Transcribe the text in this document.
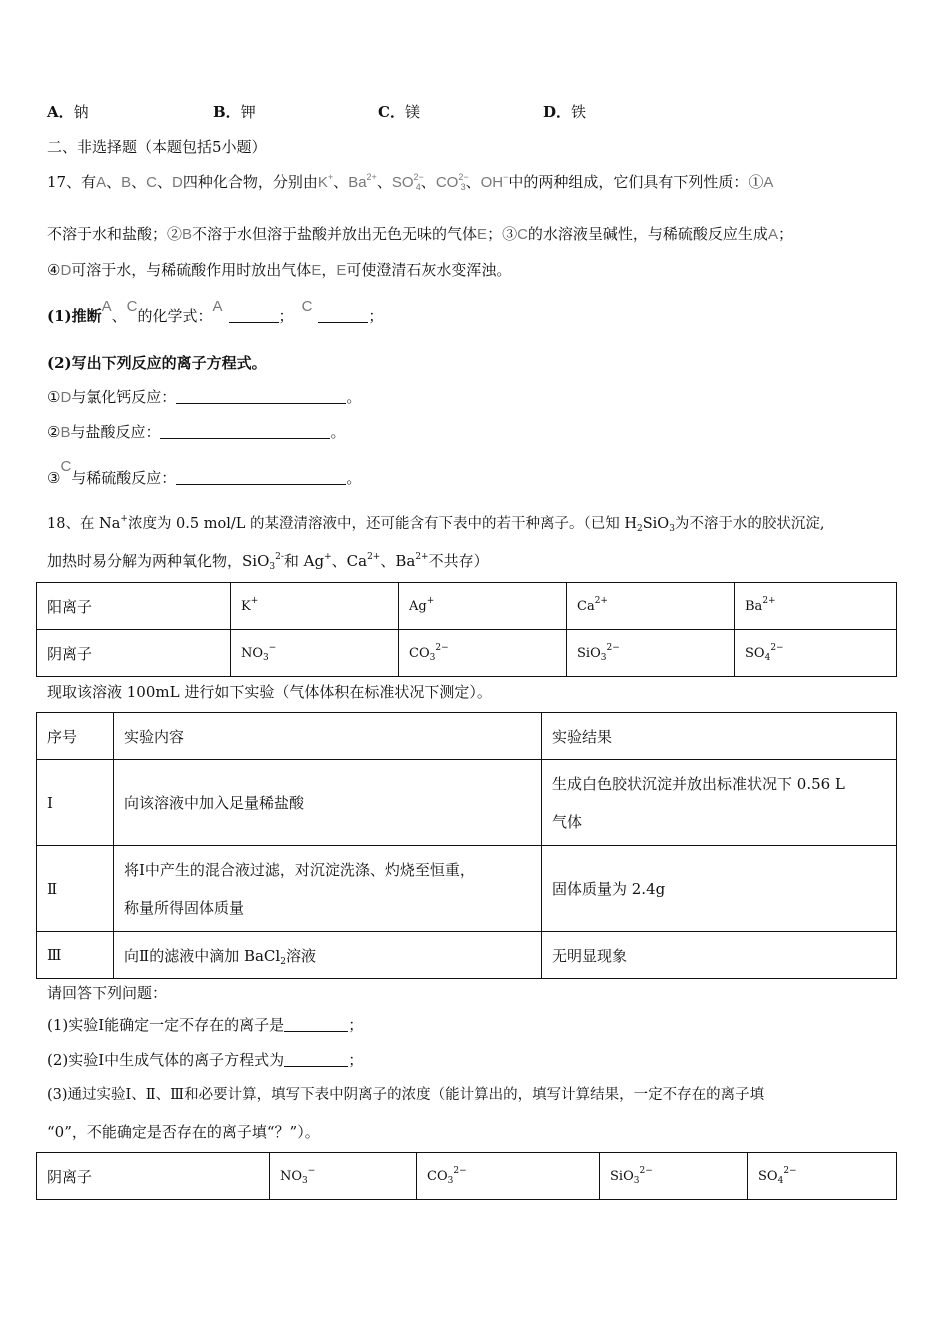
A．钠	B．钾	C．镁	D．铁
二、非选择题（本题包括5小题）
17、有A、B、C、D四种化合物，分别由K+、$Ba^{2+}$、$SO^{2-}_4$、$CO^{2-}_3$、OH−中的两种组成，它们具有下列性质：①A
不溶于水和盐酸；②B不溶于水但溶于盐酸并放出无色无味的气体E；③C的水溶液呈碱性，与稀硫酸反应生成A；
④D可溶于水，与稀硫酸作用时放出气体E，E可使澄清石灰水变浑浊。
(1)推断A、C的化学式：A；C；
(2)写出下列反应的离子方程式。
①D与氯化钙反应：	。
②B与盐酸反应：	。
③C与稀硫酸反应：	。
18、在 Na+浓度为 0.5 mol/L 的某澄清溶液中，还可能含有下表中的若干种离子。（已知 $H_2SiO_3$为不溶于水的胶状沉淀,
加热时易分解为两种氧化物，SiO$_3^{2-}$和 Ag+、$Ca^{2+}$、$Ba^{2+}$不共存）
阳离子	K+	Ag+	$Ca^{2+}$	$Ba^{2+}$
阴离子	$NO_3^-$	$CO_3^{2-}$	SiO$_3^{2-}$	$SO_4^{2-}$
现取该溶液 100mL 进行如下实验（气体体积在标准状况下测定）。
序号	实验内容	实验结果
Ⅰ	向该溶液中加入足量稀盐酸	生成白色胶状沉淀并放出标准状况下 0.56 L
气体

Ⅱ	将Ⅰ中产生的混合液过滤，对沉淀洗涤、灼烧至恒重，
称量所得固体质量	固体质量为 2.4g
Ⅲ	向Ⅱ的滤液中滴加 BaCl$_2$溶液	无明显现象
请回答下列问题：
(1)实验Ⅰ能确定一定不存在的离子是	；
(2)实验Ⅰ中生成气体的离子方程式为	；
(3)通过实验Ⅰ、Ⅱ、Ⅲ和必要计算，填写下表中阴离子的浓度（能计算出的，填写计算结果，一定不存在的离子填
“0”，不能确定是否存在的离子填“？”）。
阴离子	$NO_3^-$	$CO_3^{2-}$	SiO$_3^{2-}$	$SO_4^{2-}$
